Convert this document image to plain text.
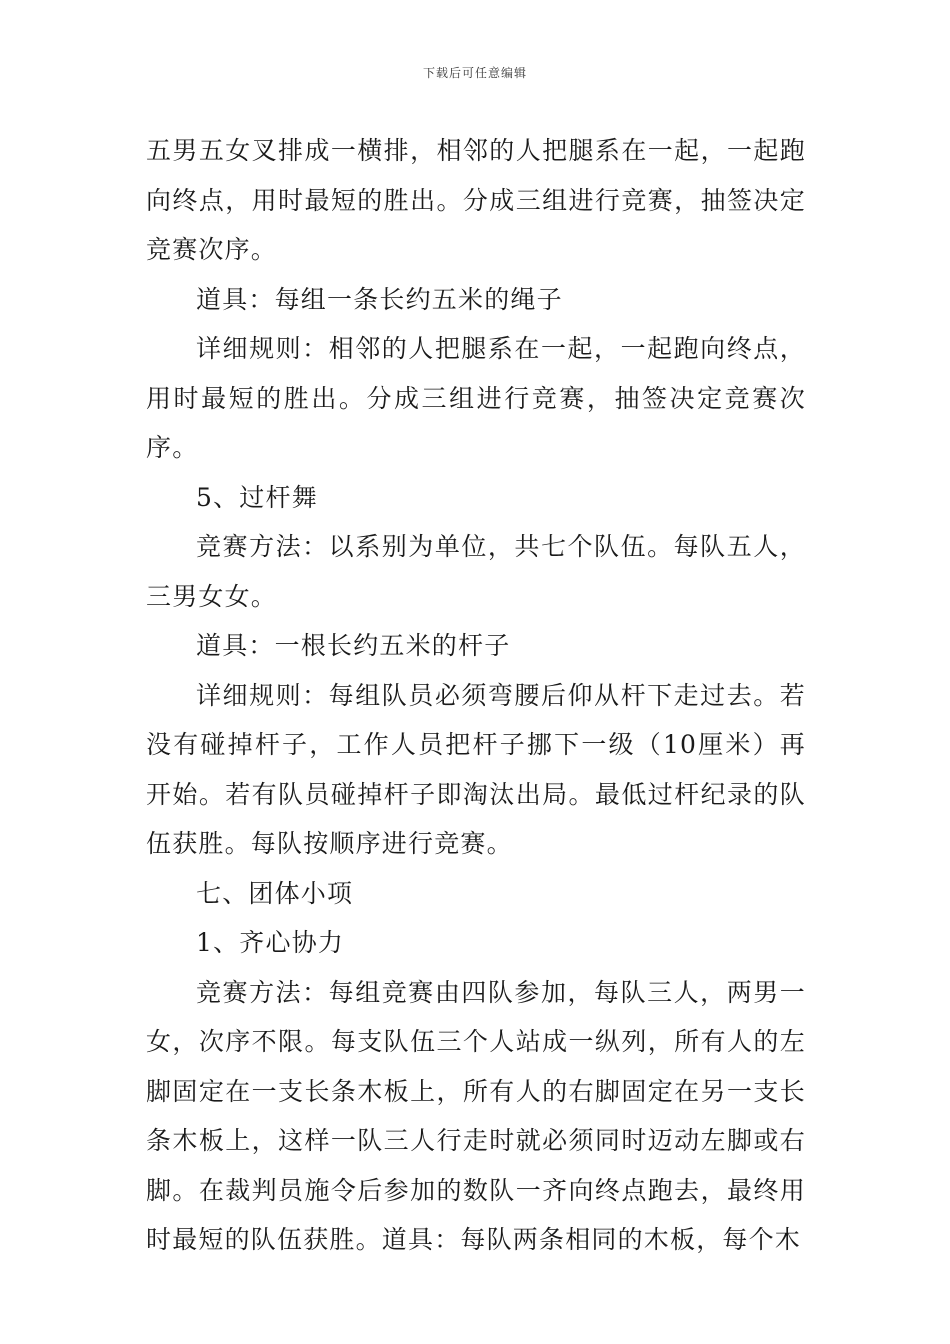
下载后可任意编辑

五男五女叉排成一横排，相邻的人把腿系在一起，一起跑向终点，用时最短的胜出。分成三组进行竞赛，抽签决定竞赛次序。

道具：每组一条长约五米的绳子

详细规则：相邻的人把腿系在一起，一起跑向终点，用时最短的胜出。分成三组进行竞赛，抽签决定竞赛次序。

5、过杆舞

竞赛方法：以系别为单位，共七个队伍。每队五人，三男女女。

道具：一根长约五米的杆子

详细规则：每组队员必须弯腰后仰从杆下走过去。若没有碰掉杆子，工作人员把杆子挪下一级（10厘米）再开始。若有队员碰掉杆子即淘汰出局。最低过杆纪录的队伍获胜。每队按顺序进行竞赛。

七、团体小项

1、齐心协力

竞赛方法：每组竞赛由四队参加，每队三人，两男一女，次序不限。每支队伍三个人站成一纵列，所有人的左脚固定在一支长条木板上，所有人的右脚固定在另一支长条木板上，这样一队三人行走时就必须同时迈动左脚或右脚。在裁判员施令后参加的数队一齐向终点跑去，最终用时最短的队伍获胜。道具：每队两条相同的木板，每个木
